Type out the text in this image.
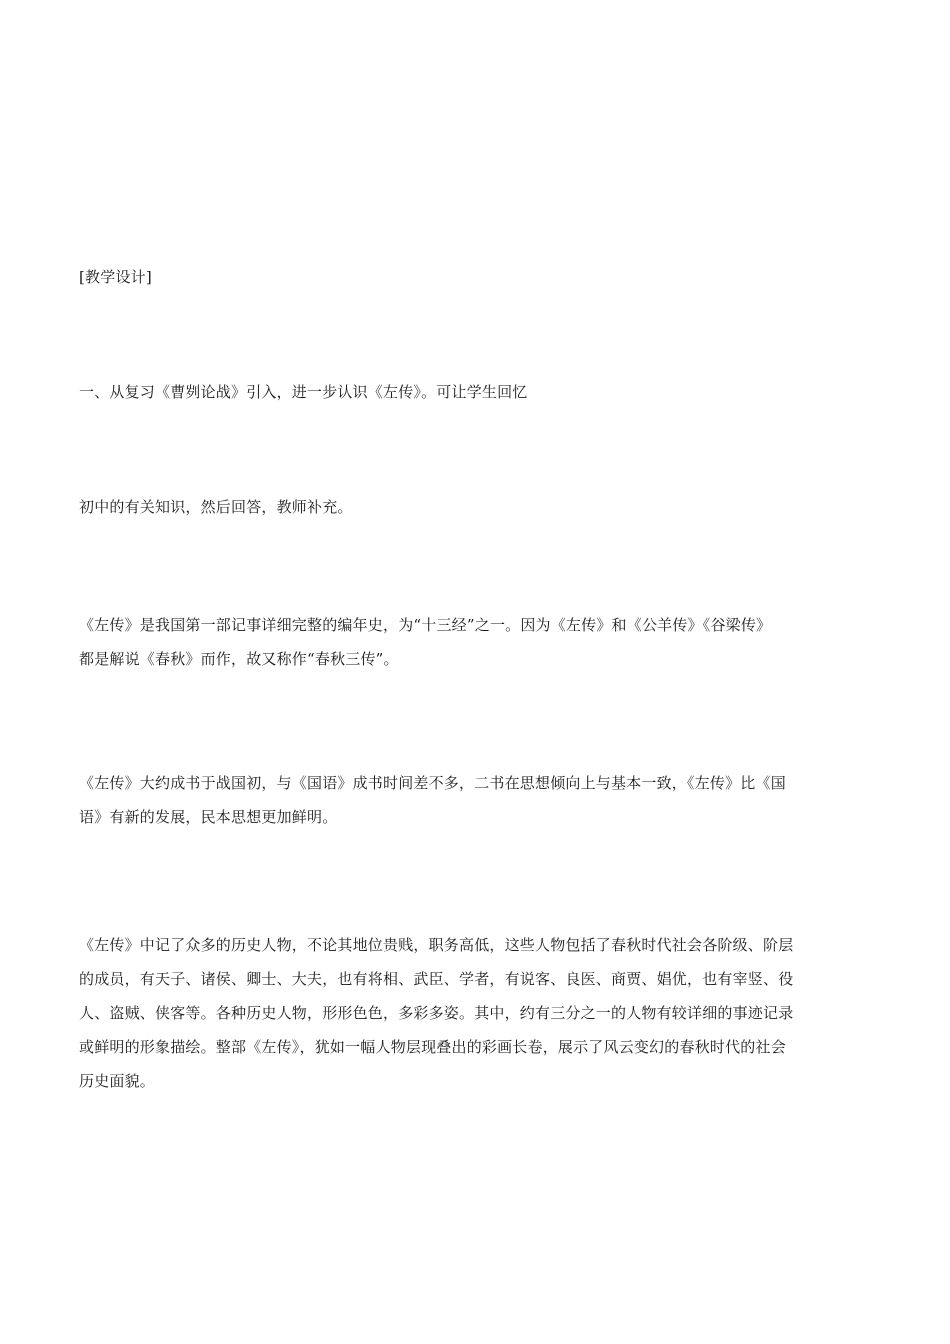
[教学设计]

一、从复习《曹刿论战》引入，进一步认识《左传》。可让学生回忆

初中的有关知识，然后回答，教师补充。

《左传》是我国第一部记事详细完整的编年史，为“十三经”之一。因为《左传》和《公羊传》《谷梁传》
都是解说《春秋》而作，故又称作“春秋三传”。

《左传》大约成书于战国初，与《国语》成书时间差不多，二书在思想倾向上与基本一致，《左传》比《国
语》有新的发展，民本思想更加鲜明。

《左传》中记了众多的历史人物，不论其地位贵贱，职务高低，这些人物包括了春秋时代社会各阶级、阶层
的成员，有天子、诸侯、卿士、大夫，也有将相、武臣、学者，有说客、良医、商贾、娼优，也有宰竖、役
人、盗贼、侠客等。各种历史人物，形形色色，多彩多姿。其中，约有三分之一的人物有较详细的事迹记录
或鲜明的形象描绘。整部《左传》，犹如一幅人物层现叠出的彩画长卷，展示了风云变幻的春秋时代的社会
历史面貌。
